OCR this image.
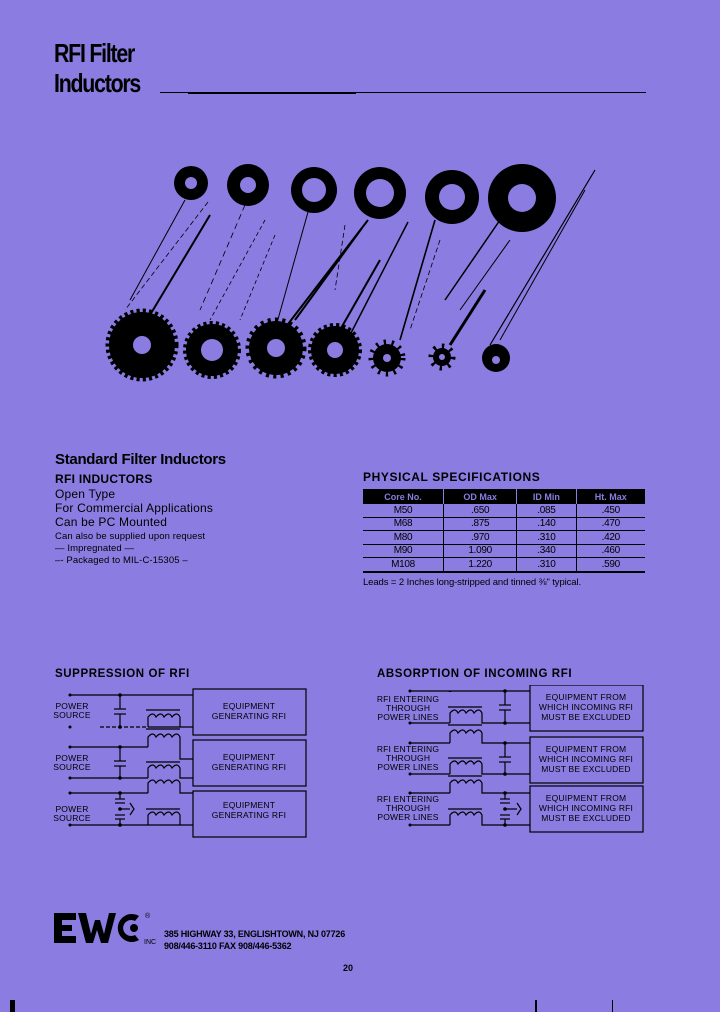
RFI Filter
Inductors
Standard Filter Inductors
RFI INDUCTORS
Open Type
For Commercial Applications
Can be PC Mounted
Can also be supplied upon request
— Impregnated —
–- Packaged to MIL-C-15305 –
PHYSICAL SPECIFICATIONS
Core No.	OD Max	ID Min	Ht. Max
M50	.650	.085	.450
M68	.875	.140	.470
M80	.970	.310	.420
M90	1.090	.340	.460
M108	1.220	.310	.590
Leads = 2 Inches long-stripped and tinned ⅜" typical.
SUPPRESSION OF RFI
POWER
SOURCE
POWER
SOURCE
POWER
SOURCE
EQUIPMENT
GENERATING RFI
EQUIPMENT
GENERATING RFI
EQUIPMENT
GENERATING RFI
ABSORPTION OF INCOMING RFI
RFI ENTERING
THROUGH
POWER LINES
RFI ENTERING
THROUGH
POWER LINES
RFI ENTERING
THROUGH
POWER LINES
EQUIPMENT FROM
WHICH INCOMING RFI
MUST BE EXCLUDED
EQUIPMENT FROM
WHICH INCOMING RFI
MUST BE EXCLUDED
EQUIPMENT FROM
WHICH INCOMING RFI
MUST BE EXCLUDED
®
INC
385 HIGHWAY 33, ENGLISHTOWN, NJ 07726
908/446-3110 FAX 908/446-5362
20
